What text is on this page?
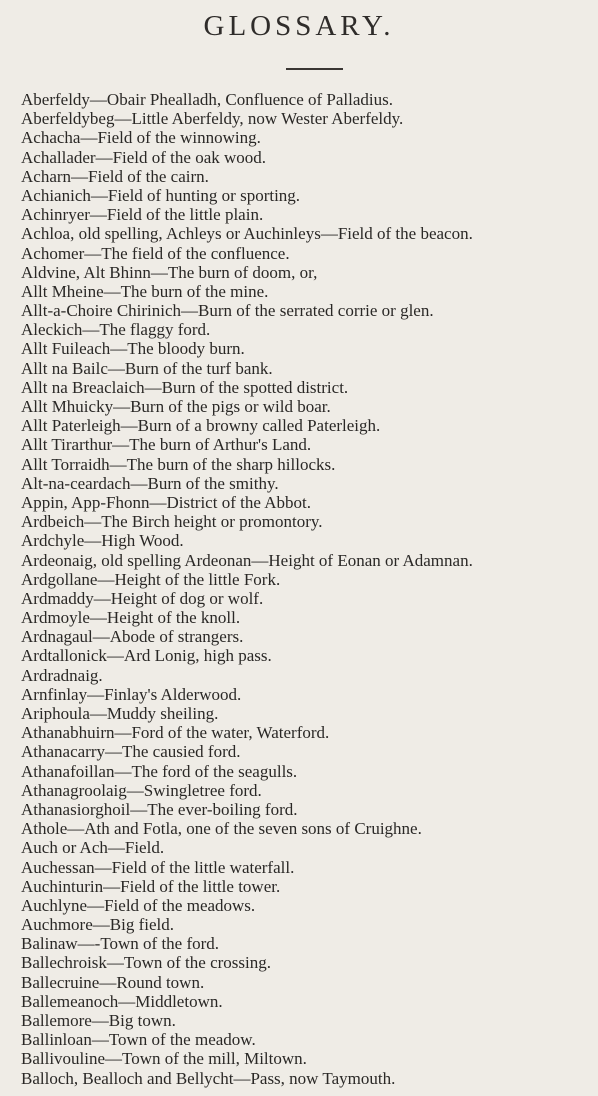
GLOSSARY.
Aberfeldy—Obair Phealladh, Confluence of Palladius.
Aberfeldybeg—Little Aberfeldy, now Wester Aberfeldy.
Achacha—Field of the winnowing.
Achallader—Field of the oak wood.
Acharn—Field of the cairn.
Achianich—Field of hunting or sporting.
Achinryer—Field of the little plain.
Achloa, old spelling, Achleys or Auchinleys—Field of the beacon.
Achomer—The field of the confluence.
Aldvine, Alt Bhinn—The burn of doom, or,
Allt Mheine—The burn of the mine.
Allt-a-Choire Chirinich—Burn of the serrated corrie or glen.
Aleckich—The flaggy ford.
Allt Fuileach—The bloody burn.
Allt na Bailc—Burn of the turf bank.
Allt na Breaclaich—Burn of the spotted district.
Allt Mhuicky—Burn of the pigs or wild boar.
Allt Paterleigh—Burn of a browny called Paterleigh.
Allt Tirarthur—The burn of Arthur's Land.
Allt Torraidh—The burn of the sharp hillocks.
Alt-na-ceardach—Burn of the smithy.
Appin, App-Fhonn—District of the Abbot.
Ardbeich—The Birch height or promontory.
Ardchyle—High Wood.
Ardeonaig, old spelling Ardeonan—Height of Eonan or Adamnan.
Ardgollane—Height of the little Fork.
Ardmaddy—Height of dog or wolf.
Ardmoyle—Height of the knoll.
Ardnagaul—Abode of strangers.
Ardtallonick—Ard Lonig, high pass.
Ardradnaig.
Arnfinlay—Finlay's Alderwood.
Ariphoula—Muddy sheiling.
Athanabhuirn—Ford of the water, Waterford.
Athanacarry—The causied ford.
Athanafoillan—The ford of the seagulls.
Athanagroolaig—Swingletree ford.
Athanasiorghoil—The ever-boiling ford.
Athole—Ath and Fotla, one of the seven sons of Cruighne.
Auch or Ach—Field.
Auchessan—Field of the little waterfall.
Auchinturin—Field of the little tower.
Auchlyne—Field of the meadows.
Auchmore—Big field.
Balinaw—-Town of the ford.
Ballechroisk—Town of the crossing.
Ballecruine—Round town.
Ballemeanoch—Middletown.
Ballemore—Big town.
Ballinloan—Town of the meadow.
Ballivouline—Town of the mill, Miltown.
Balloch, Bealloch and Bellycht—Pass, now Taymouth.
